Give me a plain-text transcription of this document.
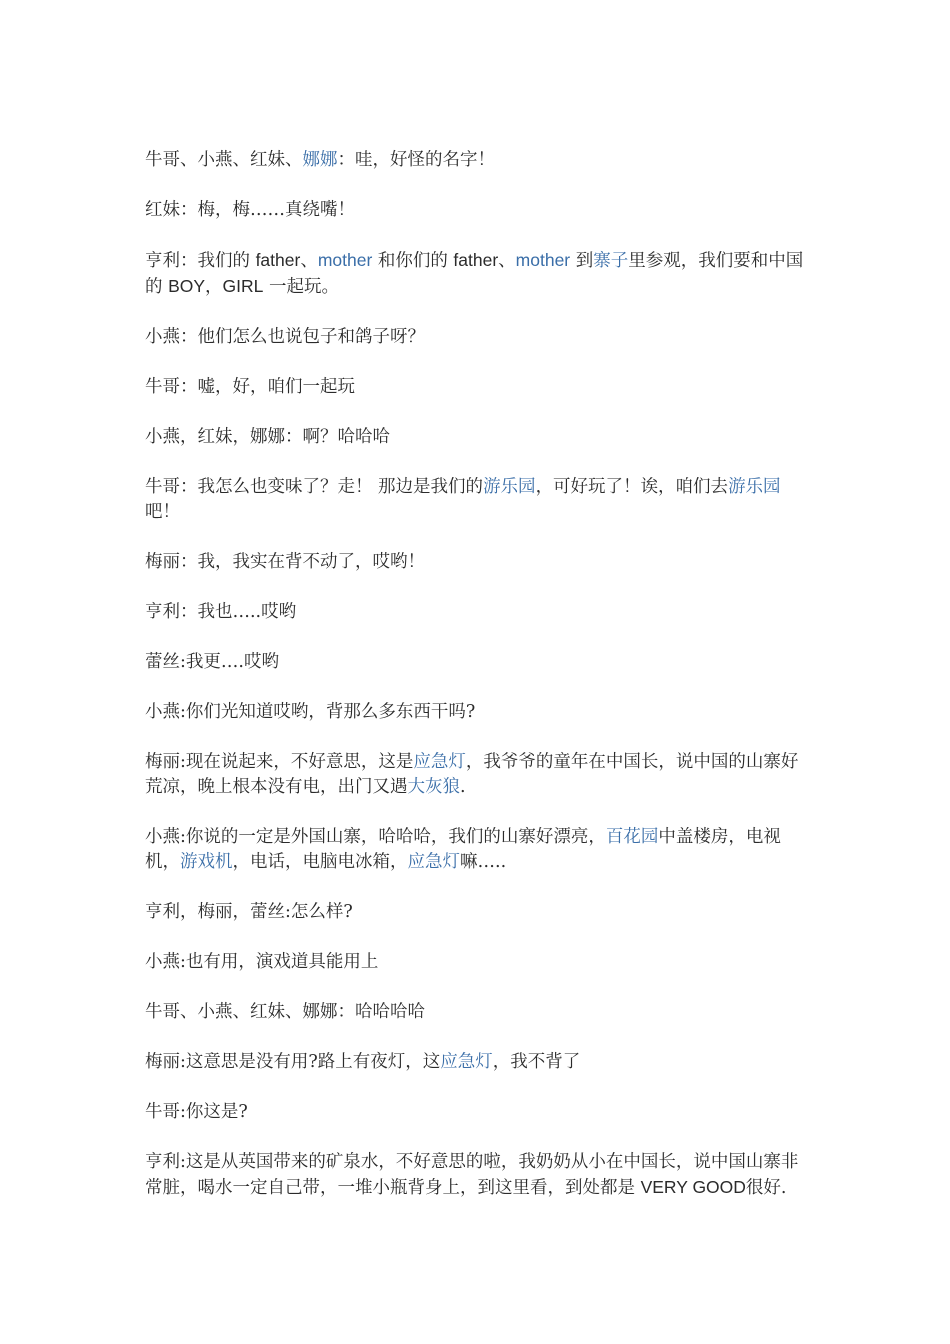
牛哥、小燕、红妹、娜娜：哇，好怪的名字！

红妹：梅，梅……真绕嘴！

亨利：我们的 father、mother 和你们的 father、mother 到寨子里参观，我们要和中国的 BOY，GIRL 一起玩。

小燕：他们怎么也说包子和鸽子呀？

牛哥：嘘，好，咱们一起玩

小燕，红妹，娜娜：啊？哈哈哈

牛哥：我怎么也变味了？走！ 那边是我们的游乐园，可好玩了！诶，咱们去游乐园吧！

梅丽：我，我实在背不动了，哎哟！

亨利：我也…..哎哟

蕾丝:我更….哎哟

小燕:你们光知道哎哟，背那么多东西干吗?

梅丽:现在说起来，不好意思，这是应急灯，我爷爷的童年在中国长，说中国的山寨好荒凉，晚上根本没有电，出门又遇大灰狼.

小燕:你说的一定是外国山寨，哈哈哈，我们的山寨好漂亮，百花园中盖楼房，电视机，游戏机，电话，电脑电冰箱，应急灯嘛…..

亨利，梅丽，蕾丝:怎么样?

小燕:也有用，演戏道具能用上

牛哥、小燕、红妹、娜娜：哈哈哈哈

梅丽:这意思是没有用?路上有夜灯，这应急灯，我不背了

牛哥:你这是?

亨利:这是从英国带来的矿泉水，不好意思的啦，我奶奶从小在中国长，说中国山寨非常脏，喝水一定自己带，一堆小瓶背身上，到这里看，到处都是 VERY GOOD很好.
